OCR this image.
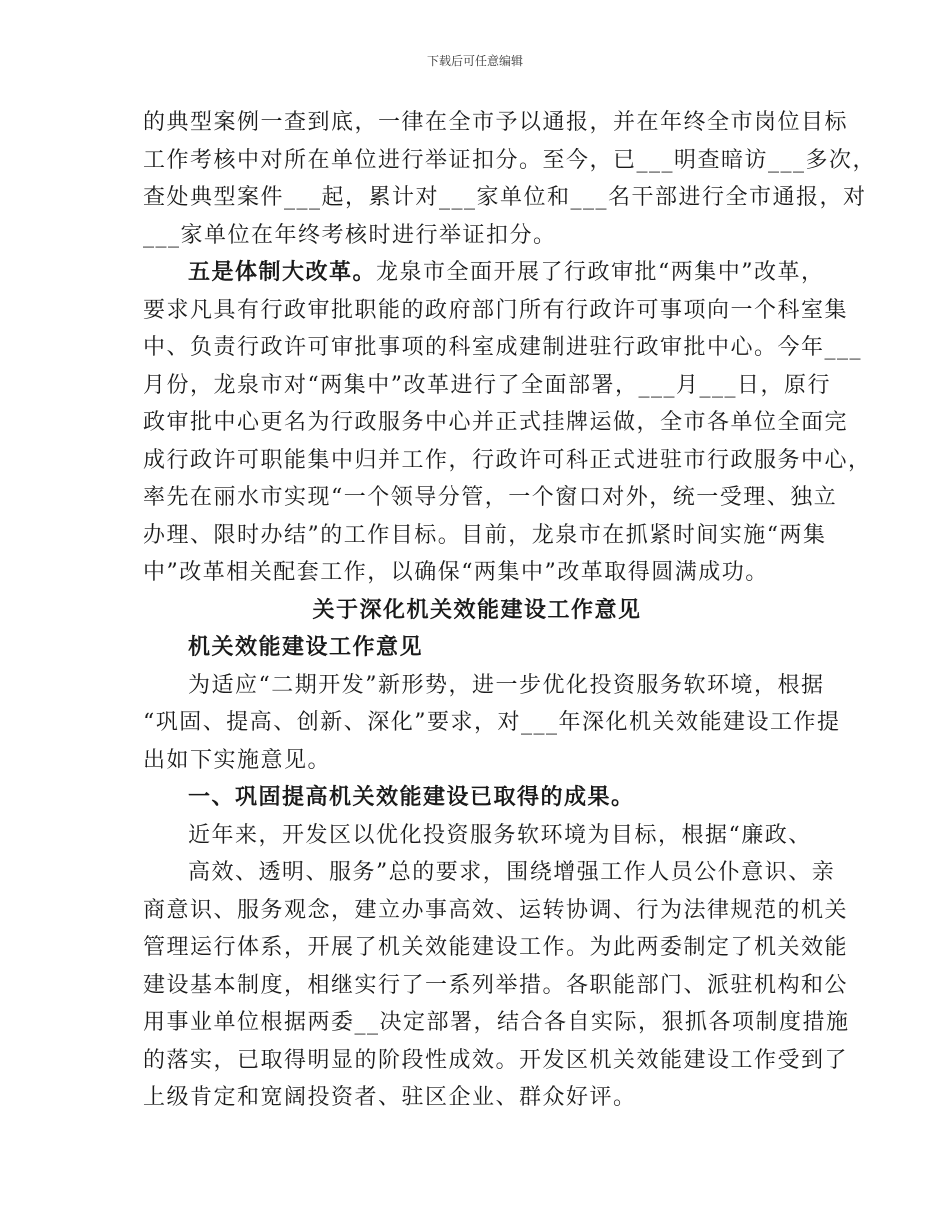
下载后可任意编辑
的典型案例一查到底，一律在全市予以通报，并在年终全市岗位目标
工作考核中对所在单位进行举证扣分。至今，已___明查暗访___多次，
查处典型案件___起，累计对___家单位和___名干部进行全市通报，对
___家单位在年终考核时进行举证扣分。
五是体制大改革。龙泉市全面开展了行政审批“两集中”改革，
要求凡具有行政审批职能的政府部门所有行政许可事项向一个科室集
中、负责行政许可审批事项的科室成建制进驻行政审批中心。今年___
月份，龙泉市对“两集中”改革进行了全面部署，___月___日，原行
政审批中心更名为行政服务中心并正式挂牌运做，全市各单位全面完
成行政许可职能集中归并工作，行政许可科正式进驻市行政服务中心，
率先在丽水市实现“一个领导分管，一个窗口对外，统一受理、独立
办理、限时办结”的工作目标。目前，龙泉市在抓紧时间实施“两集
中”改革相关配套工作，以确保“两集中”改革取得圆满成功。
关于深化机关效能建设工作意见
机关效能建设工作意见
为适应“二期开发”新形势，进一步优化投资服务软环境，根据
“巩固、提高、创新、深化”要求，对___年深化机关效能建设工作提
出如下实施意见。
一、巩固提高机关效能建设已取得的成果。
近年来，开发区以优化投资服务软环境为目标，根据“廉政、
高效、透明、服务”总的要求，围绕增强工作人员公仆意识、亲
商意识、服务观念，建立办事高效、运转协调、行为法律规范的机关
管理运行体系，开展了机关效能建设工作。为此两委制定了机关效能
建设基本制度，相继实行了一系列举措。各职能部门、派驻机构和公
用事业单位根据两委__决定部署，结合各自实际，狠抓各项制度措施
的落实，已取得明显的阶段性成效。开发区机关效能建设工作受到了
上级肯定和宽阔投资者、驻区企业、群众好评。
